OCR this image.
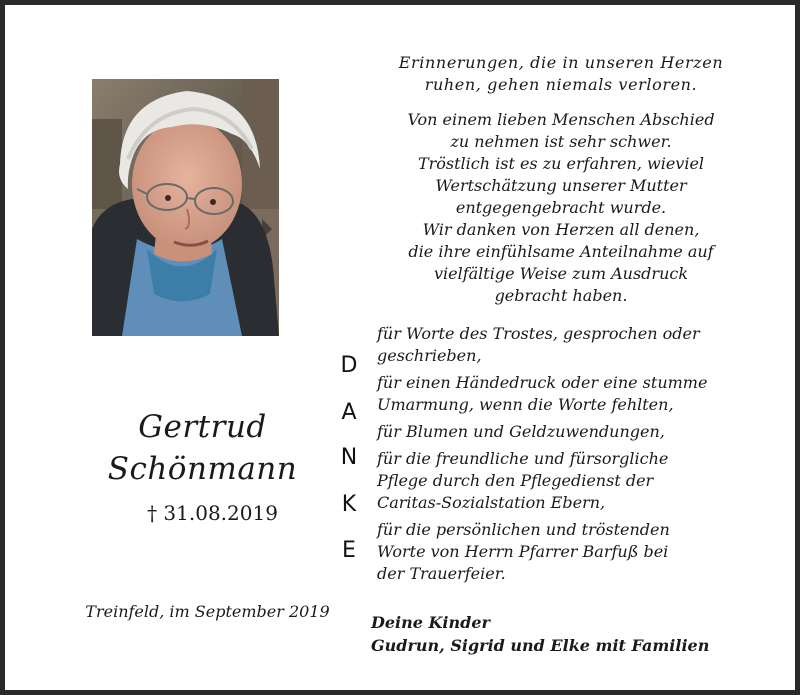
Gertrud
Schönmann
† 31.08.2019
Treinfeld, im September 2019
Erinnerungen, die in unseren Herzen
ruhen, gehen niemals verloren.
Von einem lieben Menschen Abschied
zu nehmen ist sehr schwer.
Tröstlich ist es zu erfahren, wieviel
Wertschätzung unserer Mutter
entgegengebracht wurde.
Wir danken von Herzen all denen,
die ihre einfühlsame Anteilnahme auf
vielfältige Weise zum Ausdruck
gebracht haben.
D
A
N
K
E
für Worte des Trostes, gesprochen oder
geschrieben,
für einen Händedruck oder eine stumme
Umarmung, wenn die Worte fehlten,
für Blumen und Geldzuwendungen,
für die freundliche und fürsorgliche
Pflege durch den Pflegedienst der
Caritas-Sozialstation Ebern,
für die persönlichen und tröstenden
Worte von Herrn Pfarrer Barfuß bei
der Trauerfeier.
Deine Kinder
Gudrun, Sigrid und Elke mit Familien
